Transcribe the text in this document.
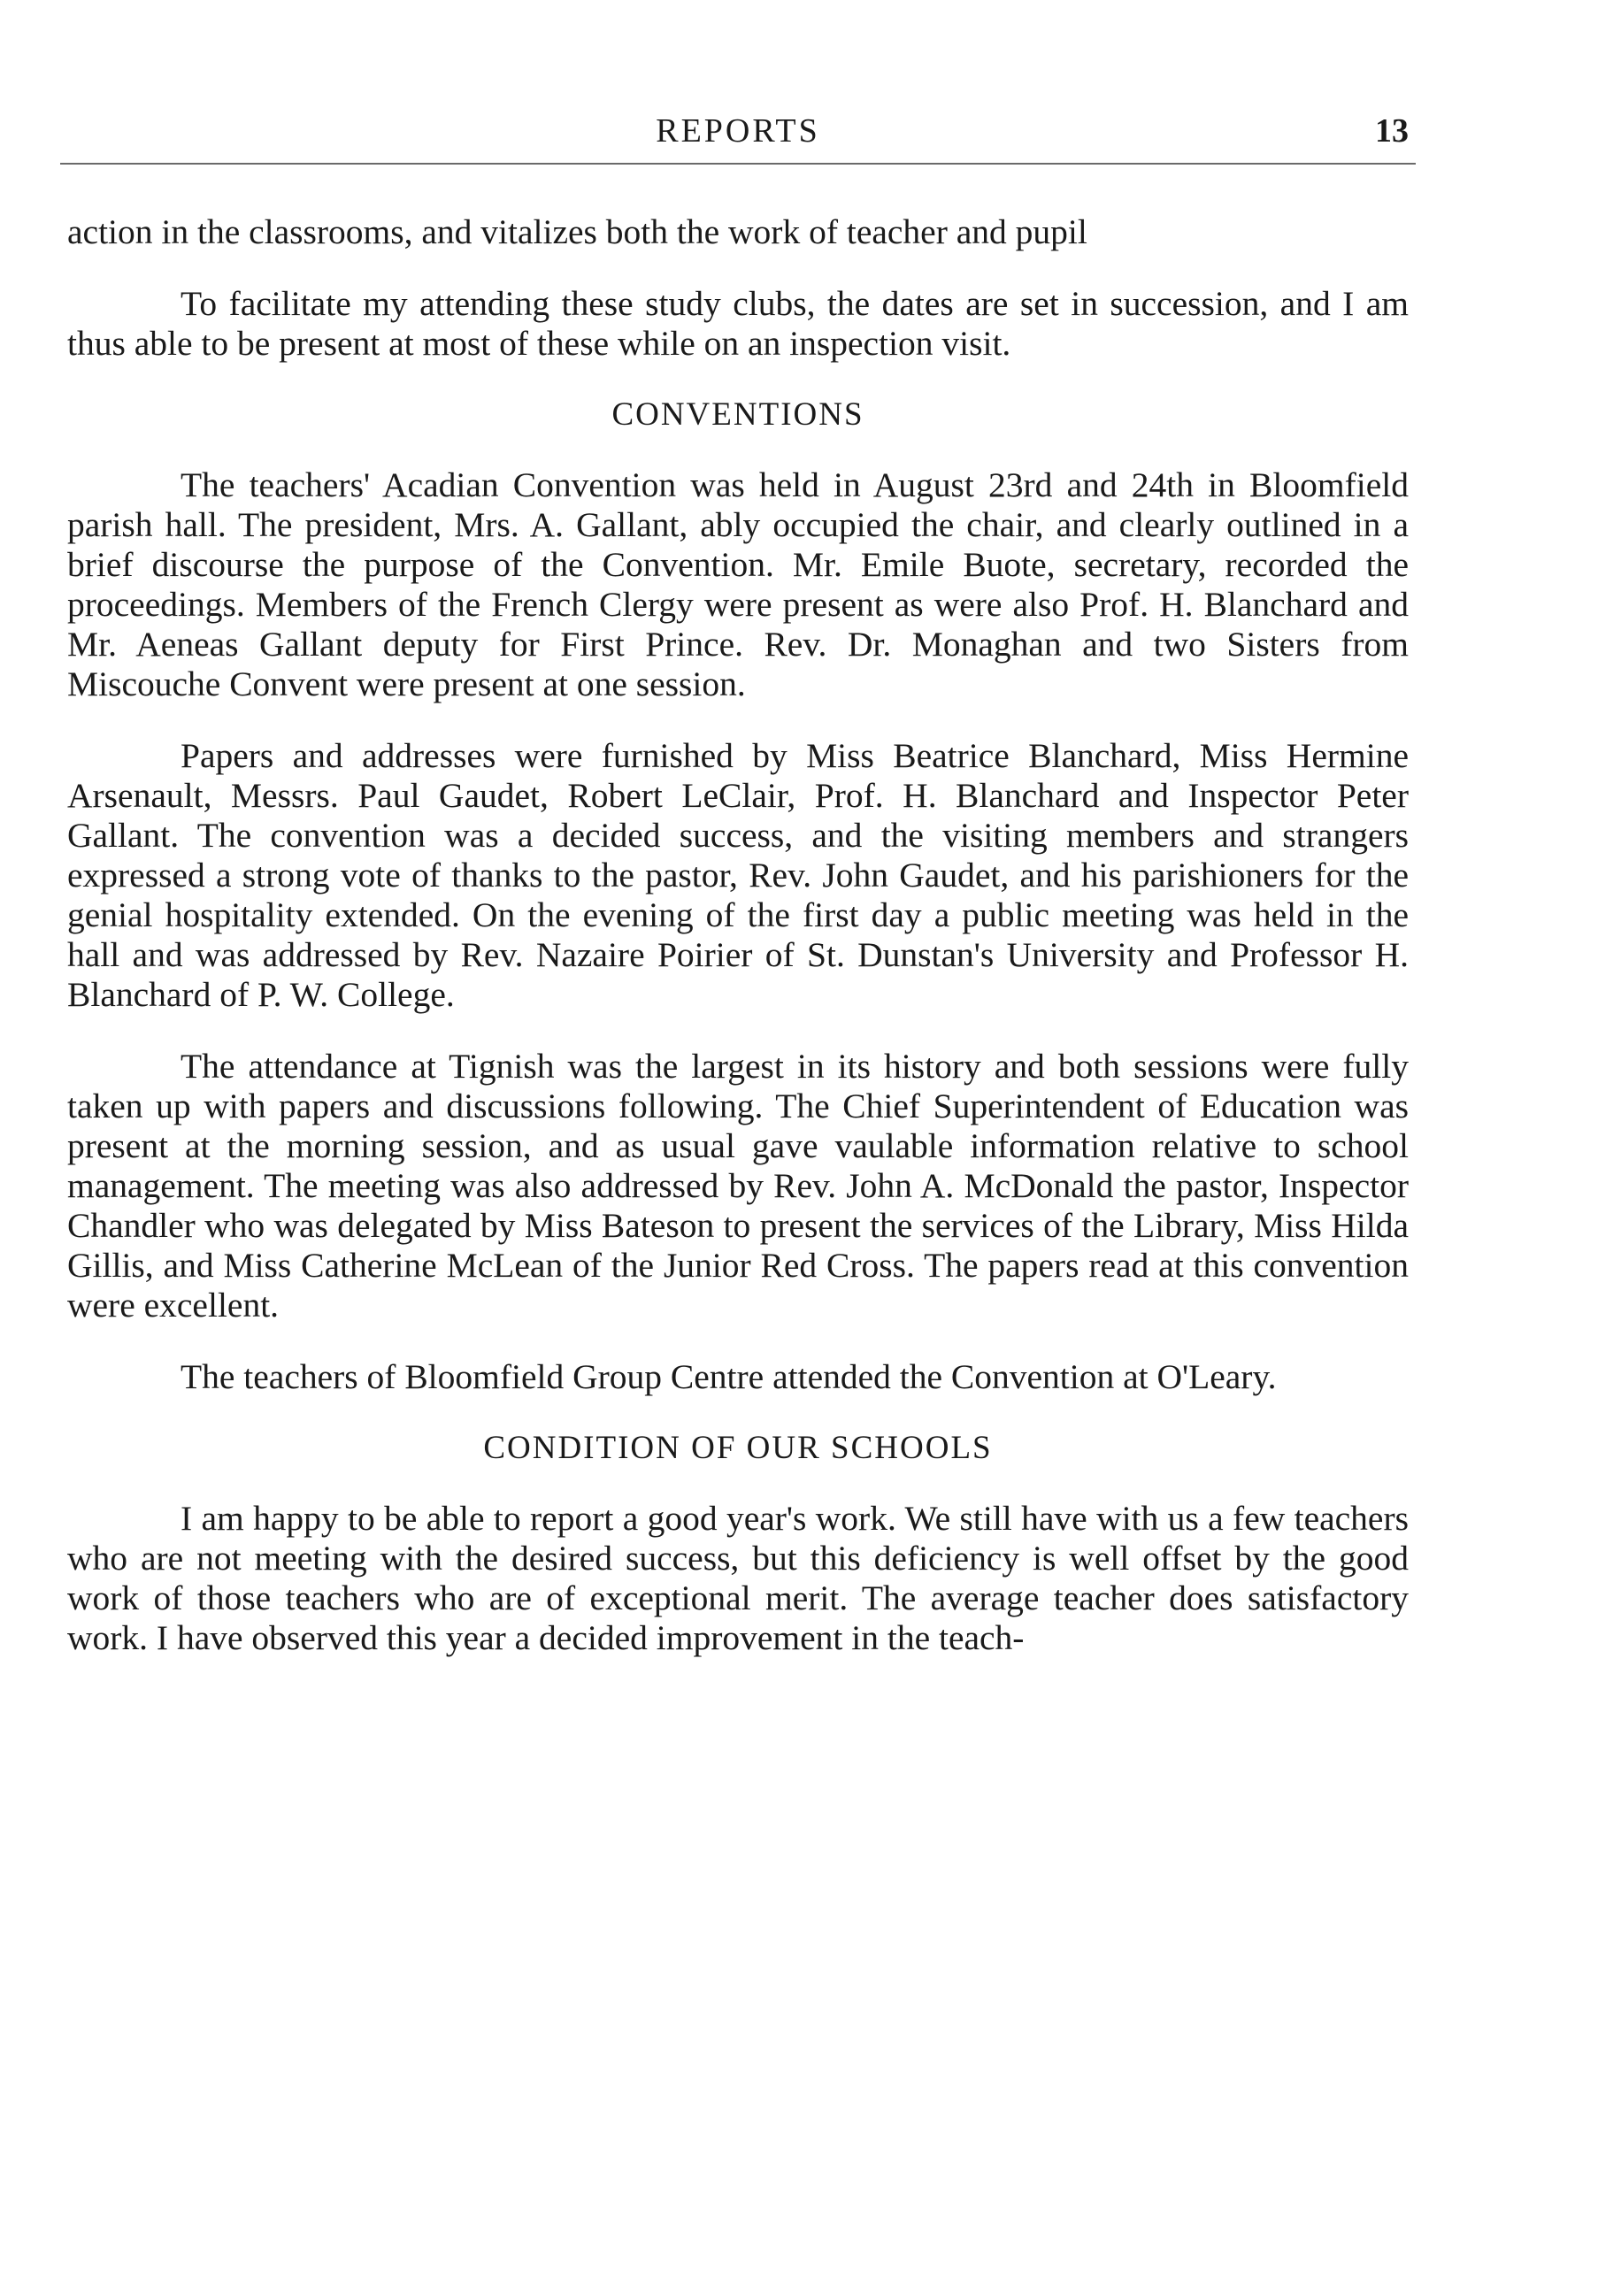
REPORTS	13

action in the classrooms, and vitalizes both the work of teacher and pupil

To facilitate my attending these study clubs, the dates are set in succession, and I am thus able to be present at most of these while on an inspection visit.

CONVENTIONS

The teachers' Acadian Convention was held in August 23rd and 24th in Bloomfield parish hall. The president, Mrs. A. Gallant, ably occupied the chair, and clearly outlined in a brief discourse the purpose of the Convention. Mr. Emile Buote, secretary, recorded the proceedings. Members of the French Clergy were present as were also Prof. H. Blanchard and Mr. Aeneas Gallant deputy for First Prince. Rev. Dr. Monaghan and two Sisters from Miscouche Convent were present at one session.

Papers and addresses were furnished by Miss Beatrice Blanchard, Miss Hermine Arsenault, Messrs. Paul Gaudet, Robert LeClair, Prof. H. Blanchard and Inspector Peter Gallant. The convention was a decided success, and the visiting members and strangers expressed a strong vote of thanks to the pastor, Rev. John Gaudet, and his parishioners for the genial hospitality extended. On the evening of the first day a public meeting was held in the hall and was addressed by Rev. Nazaire Poirier of St. Dunstan's University and Professor H. Blanchard of P. W. College.

The attendance at Tignish was the largest in its history and both sessions were fully taken up with papers and discussions following. The Chief Superintendent of Education was present at the morning session, and as usual gave vaulable information relative to school management. The meeting was also addressed by Rev. John A. McDonald the pastor, Inspector Chandler who was delegated by Miss Bateson to present the services of the Library, Miss Hilda Gillis, and Miss Catherine McLean of the Junior Red Cross. The papers read at this convention were excellent.

The teachers of Bloomfield Group Centre attended the Convention at O'Leary.

CONDITION OF OUR SCHOOLS

I am happy to be able to report a good year's work. We still have with us a few teachers who are not meeting with the desired success, but this deficiency is well offset by the good work of those teachers who are of exceptional merit. The average teacher does satisfactory work. I have observed this year a decided improvement in the teach-
